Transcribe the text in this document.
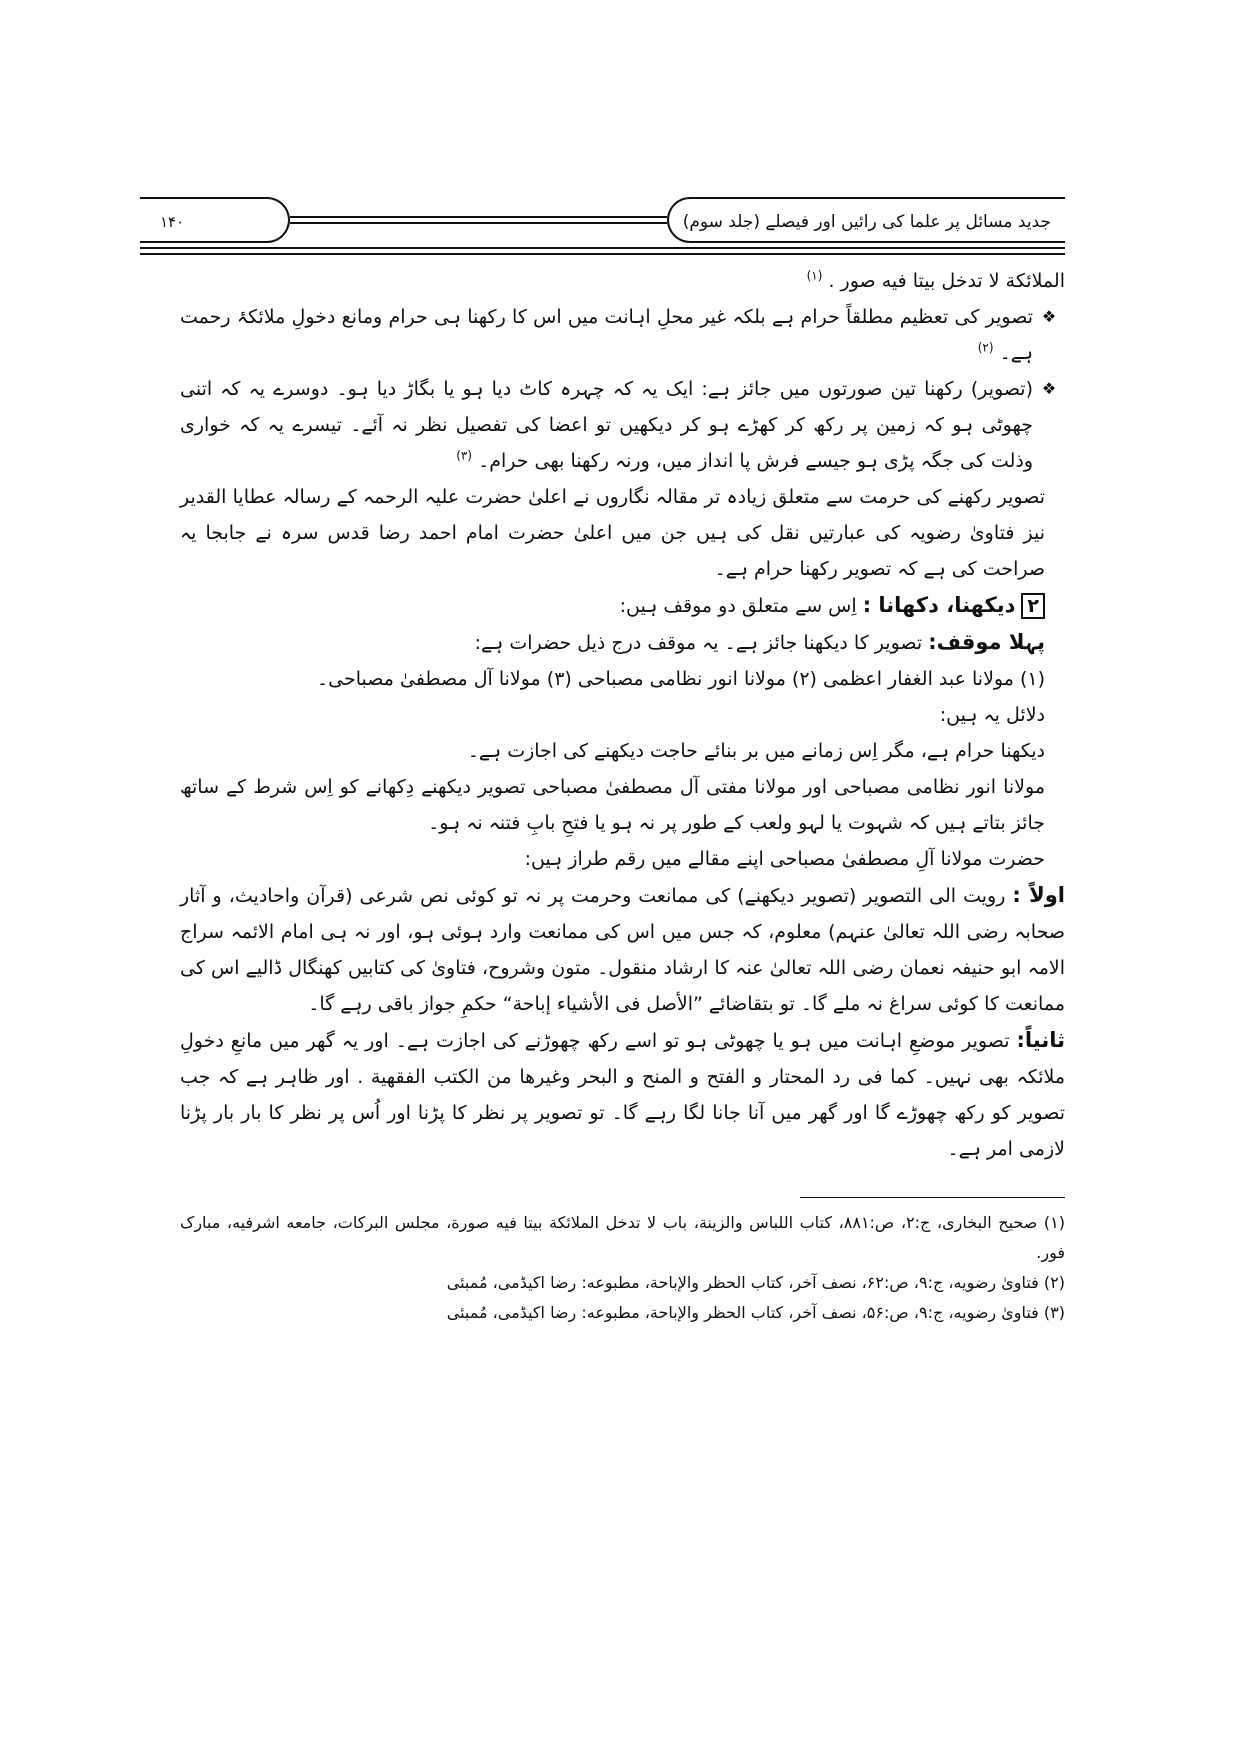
۱۴۰	جدید مسائل پر علما کی رائیں اور فیصلے (جلد سوم)

الملائکة لا تدخل بيتا فيه صور . $^{(۱)}$

❖
تصویر کی تعظیم مطلقاً حرام ہے بلکہ غیر محلِ اہانت میں اس کا رکھنا ہی حرام ومانع دخولِ ملائکۂ رحمت ہے۔ $^{(۲)}$
❖
(تصویر) رکھنا تین صورتوں میں جائز ہے: ایک یہ کہ چہرہ کاٹ دیا ہو یا بگاڑ دیا ہو۔ دوسرے یہ کہ اتنی چھوٹی ہو کہ زمین پر رکھ کر کھڑے ہو کر دیکھیں تو اعضا کی تفصیل نظر نہ آئے۔ تیسرے یہ کہ خواری وذلت کی جگہ پڑی ہو جیسے فرش پا انداز میں، ورنہ رکھنا بھی حرام۔ $^{(۳)}$

تصویر رکھنے کی حرمت سے متعلق زیادہ تر مقالہ نگاروں نے اعلیٰ حضرت علیہ الرحمہ کے رسالہ عطایا القدیر نیز فتاویٰ رضویہ کی عبارتیں نقل کی ہیں جن میں اعلیٰ حضرت امام احمد رضا قدس سرہ نے جابجا یہ صراحت کی ہے کہ تصویر رکھنا حرام ہے۔

۲دیکھنا، دکھانا : اِس سے متعلق دو موقف ہیں:

پہلا موقف: تصویر کا دیکھنا جائز ہے۔ یہ موقف درج ذیل حضرات ہے:

(۱) مولانا عبد الغفار اعظمی (۲) مولانا انور نظامی مصباحی (۳) مولانا آل مصطفیٰ مصباحی۔

دلائل یہ ہیں:

دیکھنا حرام ہے، مگر اِس زمانے میں بر بنائے حاجت دیکھنے کی اجازت ہے۔

مولانا انور نظامی مصباحی اور مولانا مفتی آل مصطفیٰ مصباحی تصویر دیکھنے دِکھانے کو اِس شرط کے ساتھ جائز بتاتے ہیں کہ شہوت یا لہو ولعب کے طور پر نہ ہو یا فتحِ بابِ فتنہ نہ ہو۔

حضرت مولانا آلِ مصطفیٰ مصباحی اپنے مقالے میں رقم طراز ہیں:

اولاً : رویت الی التصویر (تصویر دیکھنے) کی ممانعت وحرمت پر نہ تو کوئی نص شرعی (قرآن واحادیث، و آثار صحابہ رضی اللہ تعالیٰ عنہم) معلوم، کہ جس میں اس کی ممانعت وارد ہوئی ہو، اور نہ ہی امام الائمہ سراج الامہ ابو حنیفہ نعمان رضی اللہ تعالیٰ عنہ کا ارشاد منقول۔ متون وشروح، فتاویٰ کی کتابیں کھنگال ڈالیے اس کی ممانعت کا کوئی سراغ نہ ملے گا۔ تو بتقاضائے ”الأصل فی الأشیاء إباحة“ حکمِ جواز باقی رہے گا۔

ثانیاً: تصویر موضعِ اہانت میں ہو یا چھوٹی ہو تو اسے رکھ چھوڑنے کی اجازت ہے۔ اور یہ گھر میں مانعِ دخولِ ملائکہ بھی نہیں۔ کما فی رد المحتار و الفتح و المنح و البحر وغیرها من الکتب الفقهية . اور ظاہر ہے کہ جب تصویر کو رکھ چھوڑے گا اور گھر میں آنا جانا لگا رہے گا۔ تو تصویر پر نظر کا پڑنا اور اُس پر نظر کا بار بار پڑنا لازمی امر ہے۔

(۱) صحيح البخاری، ج:۲، ص:۸۸۱، کتاب اللباس والزينة، باب لا تدخل الملائکة بيتا فيه صورة، مجلس البرکات، جامعه اشرفيه، مبارک فور.

(۲) فتاویٰ رضویه، ج:۹، ص:۶۲، نصف آخر، کتاب الحظر والإباحة، مطبوعه: رضا اکیڈمی، مُمبئی

(۳) فتاویٰ رضویه، ج:۹، ص:۵۶، نصف آخر، کتاب الحظر والإباحة، مطبوعه: رضا اکیڈمی، مُمبئی
